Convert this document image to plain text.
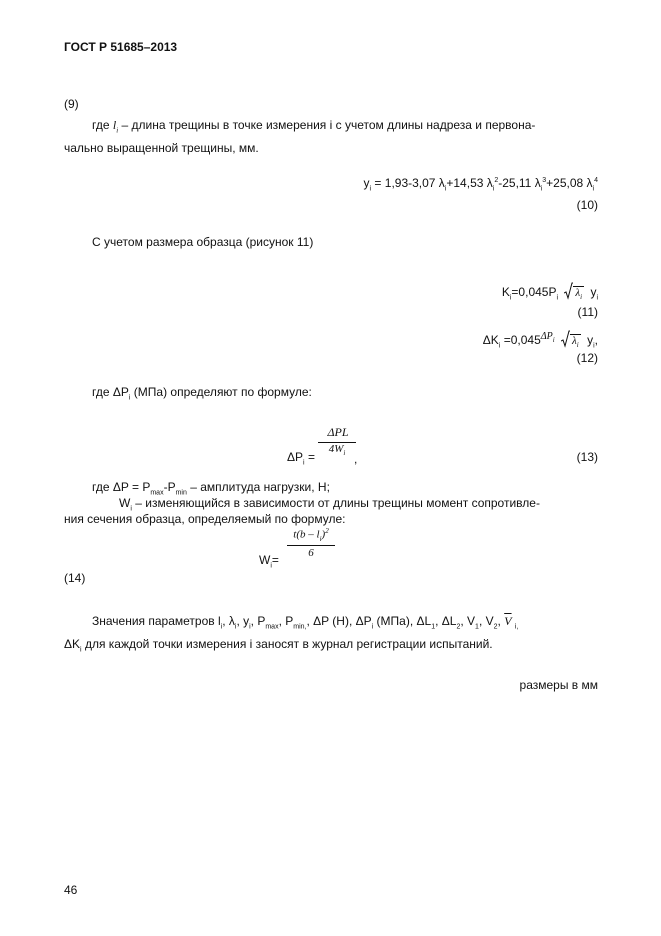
ГОСТ Р 51685–2013
(9)
где $l_i$ – длина трещины в точке измерения i с учетом длины надреза и первона-
чально выращенной трещины, мм.
$y_i = 1,93-3,07$ $\lambda_i+14,53$ $\lambda_i^2-25,11$ $\lambda_i^3+25,08$ $\lambda_i^4$
(10)
С учетом размера образца (рисунок 11)
$K_i=0,045P_i$ $\lambda_i$ $y_i$
(11)
$\Delta K_i =0,045^{\Delta P_i}$ $\lambda_i$ $y_i$,
(12)
где $\Delta P_i$ (МПа) определяют по формуле:
$\Delta P_i$ =
ΔPL
$4W_i$ ,	(13)
где $\Delta P = P_{max}-P_{min}$ – амплитуда нагрузки, Н;
$W_i$ – изменяющийся в зависимости от длины трещины момент сопротивле-
ния сечения образца, определяемый по формуле:
$W_i=$
$t(b - l_i)^2$
6
(14)
Значения параметров $l_i$, $\lambda_i$, $y_i$, $P_{max}$, $P_{min,}$, ΔP (Н), $\Delta P_i$ (МПа), $\Delta L_1$, $\Delta L_2$, $V_1$, $V_2$, $\overline{V}$ $_{i,}$
$\Delta K_i$ для каждой точки измерения i заносят в журнал регистрации испытаний.
размеры в мм
46
